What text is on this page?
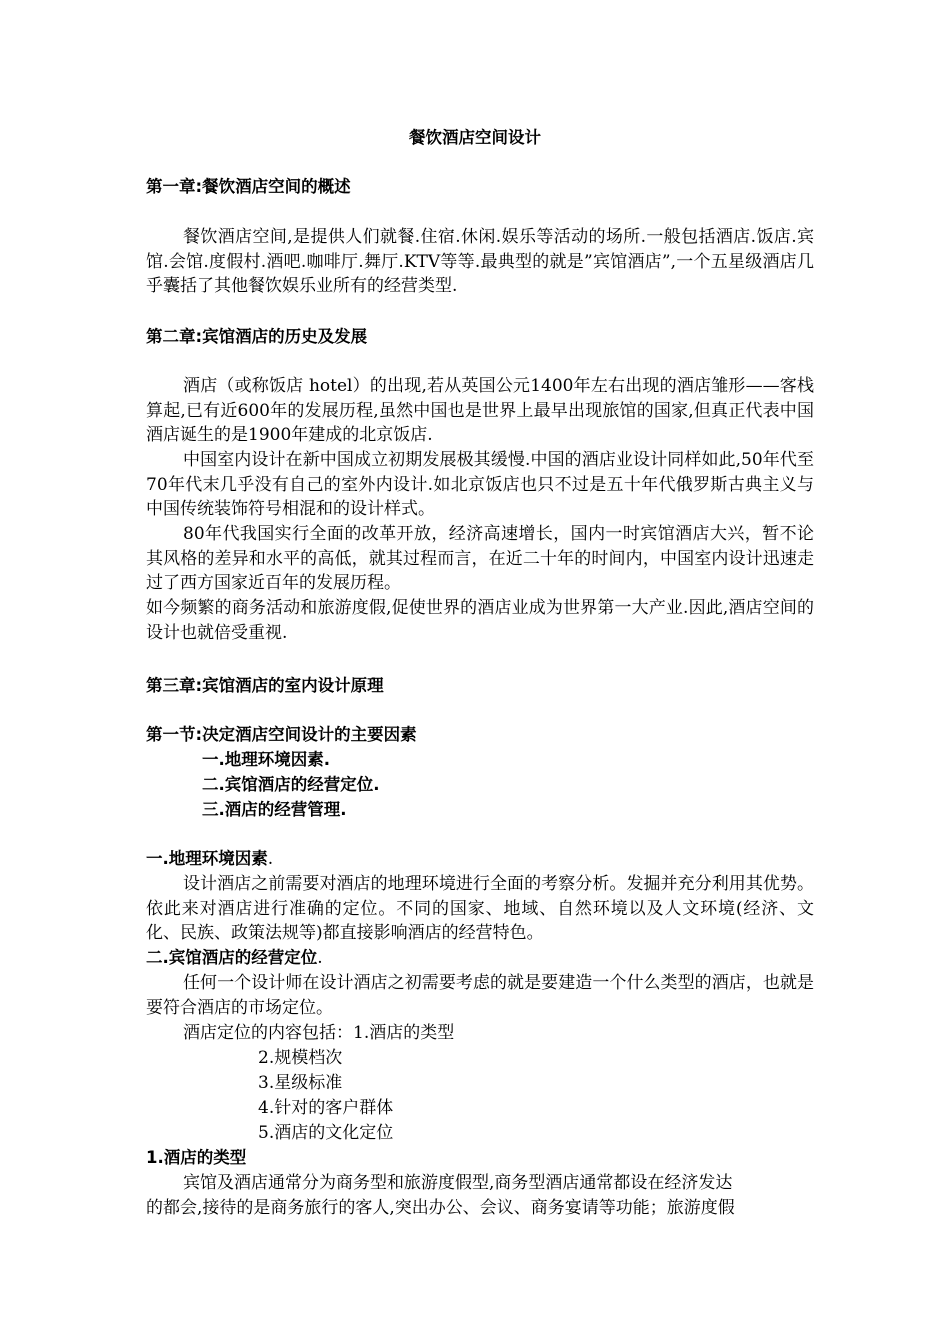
餐饮酒店空间设计
第一章:餐饮酒店空间的概述

餐饮酒店空间,是提供人们就餐.住宿.休闲.娱乐等活动的场所.一般包括酒店.饭店.宾馆.会馆.度假村.酒吧.咖啡厅.舞厅.KTV等等.最典型的就是”宾馆酒店”,一个五星级酒店几乎囊括了其他餐饮娱乐业所有的经营类型.

第二章:宾馆酒店的历史及发展

酒店（或称饭店 hotel）的出现,若从英国公元1400年左右出现的酒店雏形——客栈算起,已有近600年的发展历程,虽然中国也是世界上最早出现旅馆的国家,但真正代表中国酒店诞生的是1900年建成的北京饭店.

中国室内设计在新中国成立初期发展极其缓慢.中国的酒店业设计同样如此,50年代至70年代末几乎没有自己的室外内设计.如北京饭店也只不过是五十年代俄罗斯古典主义与中国传统装饰符号相混和的设计样式。

80年代我国实行全面的改革开放，经济高速增长，国内一时宾馆酒店大兴，暂不论其风格的差异和水平的高低，就其过程而言，在近二十年的时间内，中国室内设计迅速走过了西方国家近百年的发展历程。

如今频繁的商务活动和旅游度假,促使世界的酒店业成为世界第一大产业.因此,酒店空间的设计也就倍受重视.

第三章:宾馆酒店的室内设计原理
第一节:决定酒店空间设计的主要因素
一.地理环境因素.
二.宾馆酒店的经营定位.
三.酒店的经营管理.
一.地理环境因素.

设计酒店之前需要对酒店的地理环境进行全面的考察分析。发掘并充分利用其优势。依此来对酒店进行准确的定位。不同的国家、地域、自然环境以及人文环境(经济、文化、民族、政策法规等)都直接影响酒店的经营特色。

二.宾馆酒店的经营定位.

任何一个设计师在设计酒店之初需要考虑的就是要建造一个什么类型的酒店，也就是要符合酒店的市场定位。

酒店定位的内容包括：1.酒店的类型
2.规模档次
3.星级标准
4.针对的客户群体
5.酒店的文化定位
1.酒店的类型
宾馆及酒店通常分为商务型和旅游度假型,商务型酒店通常都设在经济发达
的都会,接待的是商务旅行的客人,突出办公、会议、商务宴请等功能；旅游度假
